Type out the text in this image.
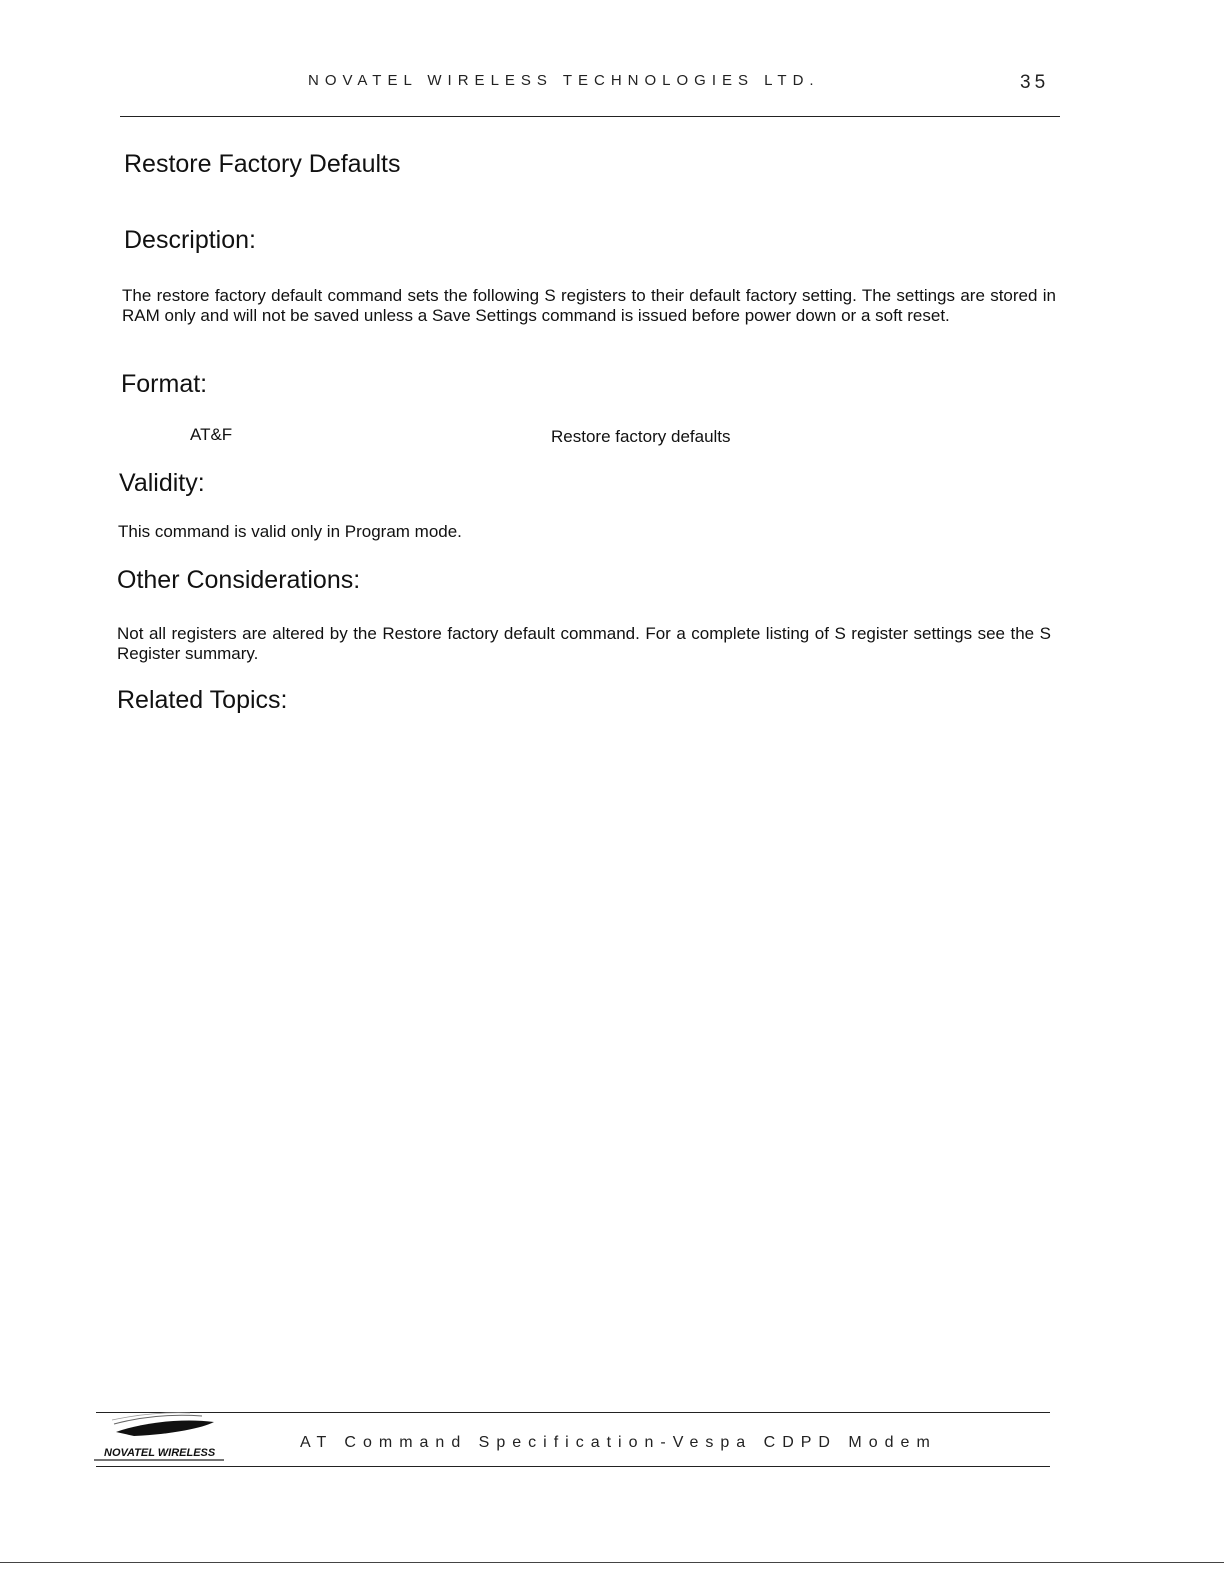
NOVATEL WIRELESS TECHNOLOGIES LTD.	35
Restore Factory Defaults
Description:
The restore factory default command sets the following S registers to their default factory setting. The settings are stored in RAM only and will not be saved unless a Save Settings command is issued before power down or a soft reset.
Format:
AT&F	Restore factory defaults
Validity:
This command is valid only in Program mode.
Other Considerations:
Not all registers are altered by the Restore factory default command. For a complete listing of S register settings see the S Register summary.
Related Topics:
NOVATEL WIRELESS
AT Command Specification-Vespa CDPD Modem
